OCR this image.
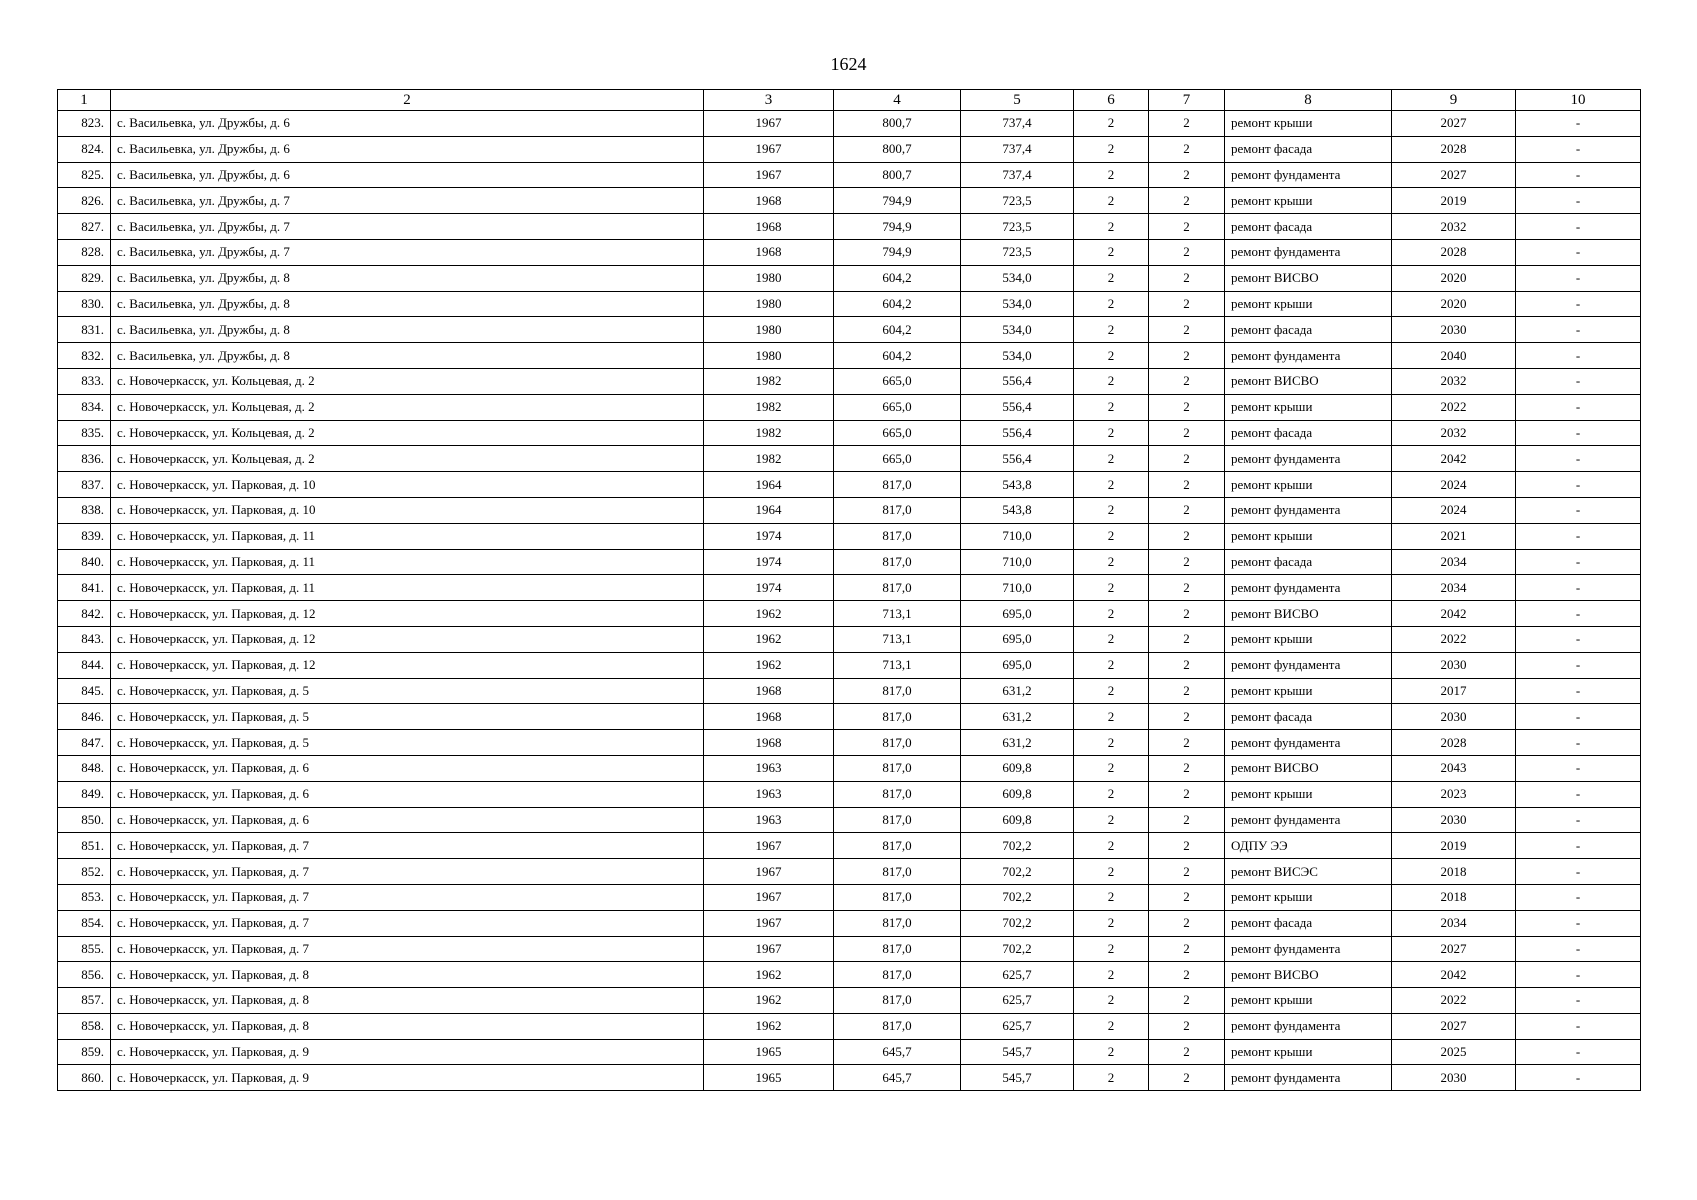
1624
1	2	3	4	5	6	7	8	9	10
823.	с. Васильевка, ул. Дружбы, д. 6	1967	800,7	737,4	2	2	ремонт крыши	2027	-
824.	с. Васильевка, ул. Дружбы, д. 6	1967	800,7	737,4	2	2	ремонт фасада	2028	-
825.	с. Васильевка, ул. Дружбы, д. 6	1967	800,7	737,4	2	2	ремонт фундамента	2027	-
826.	с. Васильевка, ул. Дружбы, д. 7	1968	794,9	723,5	2	2	ремонт крыши	2019	-
827.	с. Васильевка, ул. Дружбы, д. 7	1968	794,9	723,5	2	2	ремонт фасада	2032	-
828.	с. Васильевка, ул. Дружбы, д. 7	1968	794,9	723,5	2	2	ремонт фундамента	2028	-
829.	с. Васильевка, ул. Дружбы, д. 8	1980	604,2	534,0	2	2	ремонт ВИСВО	2020	-
830.	с. Васильевка, ул. Дружбы, д. 8	1980	604,2	534,0	2	2	ремонт крыши	2020	-
831.	с. Васильевка, ул. Дружбы, д. 8	1980	604,2	534,0	2	2	ремонт фасада	2030	-
832.	с. Васильевка, ул. Дружбы, д. 8	1980	604,2	534,0	2	2	ремонт фундамента	2040	-
833.	с. Новочеркасск, ул. Кольцевая, д. 2	1982	665,0	556,4	2	2	ремонт ВИСВО	2032	-
834.	с. Новочеркасск, ул. Кольцевая, д. 2	1982	665,0	556,4	2	2	ремонт крыши	2022	-
835.	с. Новочеркасск, ул. Кольцевая, д. 2	1982	665,0	556,4	2	2	ремонт фасада	2032	-
836.	с. Новочеркасск, ул. Кольцевая, д. 2	1982	665,0	556,4	2	2	ремонт фундамента	2042	-
837.	с. Новочеркасск, ул. Парковая, д. 10	1964	817,0	543,8	2	2	ремонт крыши	2024	-
838.	с. Новочеркасск, ул. Парковая, д. 10	1964	817,0	543,8	2	2	ремонт фундамента	2024	-
839.	с. Новочеркасск, ул. Парковая, д. 11	1974	817,0	710,0	2	2	ремонт крыши	2021	-
840.	с. Новочеркасск, ул. Парковая, д. 11	1974	817,0	710,0	2	2	ремонт фасада	2034	-
841.	с. Новочеркасск, ул. Парковая, д. 11	1974	817,0	710,0	2	2	ремонт фундамента	2034	-
842.	с. Новочеркасск, ул. Парковая, д. 12	1962	713,1	695,0	2	2	ремонт ВИСВО	2042	-
843.	с. Новочеркасск, ул. Парковая, д. 12	1962	713,1	695,0	2	2	ремонт крыши	2022	-
844.	с. Новочеркасск, ул. Парковая, д. 12	1962	713,1	695,0	2	2	ремонт фундамента	2030	-
845.	с. Новочеркасск, ул. Парковая, д. 5	1968	817,0	631,2	2	2	ремонт крыши	2017	-
846.	с. Новочеркасск, ул. Парковая, д. 5	1968	817,0	631,2	2	2	ремонт фасада	2030	-
847.	с. Новочеркасск, ул. Парковая, д. 5	1968	817,0	631,2	2	2	ремонт фундамента	2028	-
848.	с. Новочеркасск, ул. Парковая, д. 6	1963	817,0	609,8	2	2	ремонт ВИСВО	2043	-
849.	с. Новочеркасск, ул. Парковая, д. 6	1963	817,0	609,8	2	2	ремонт крыши	2023	-
850.	с. Новочеркасск, ул. Парковая, д. 6	1963	817,0	609,8	2	2	ремонт фундамента	2030	-
851.	с. Новочеркасск, ул. Парковая, д. 7	1967	817,0	702,2	2	2	ОДПУ ЭЭ	2019	-
852.	с. Новочеркасск, ул. Парковая, д. 7	1967	817,0	702,2	2	2	ремонт ВИСЭС	2018	-
853.	с. Новочеркасск, ул. Парковая, д. 7	1967	817,0	702,2	2	2	ремонт крыши	2018	-
854.	с. Новочеркасск, ул. Парковая, д. 7	1967	817,0	702,2	2	2	ремонт фасада	2034	-
855.	с. Новочеркасск, ул. Парковая, д. 7	1967	817,0	702,2	2	2	ремонт фундамента	2027	-
856.	с. Новочеркасск, ул. Парковая, д. 8	1962	817,0	625,7	2	2	ремонт ВИСВО	2042	-
857.	с. Новочеркасск, ул. Парковая, д. 8	1962	817,0	625,7	2	2	ремонт крыши	2022	-
858.	с. Новочеркасск, ул. Парковая, д. 8	1962	817,0	625,7	2	2	ремонт фундамента	2027	-
859.	с. Новочеркасск, ул. Парковая, д. 9	1965	645,7	545,7	2	2	ремонт крыши	2025	-
860.	с. Новочеркасск, ул. Парковая, д. 9	1965	645,7	545,7	2	2	ремонт фундамента	2030	-
